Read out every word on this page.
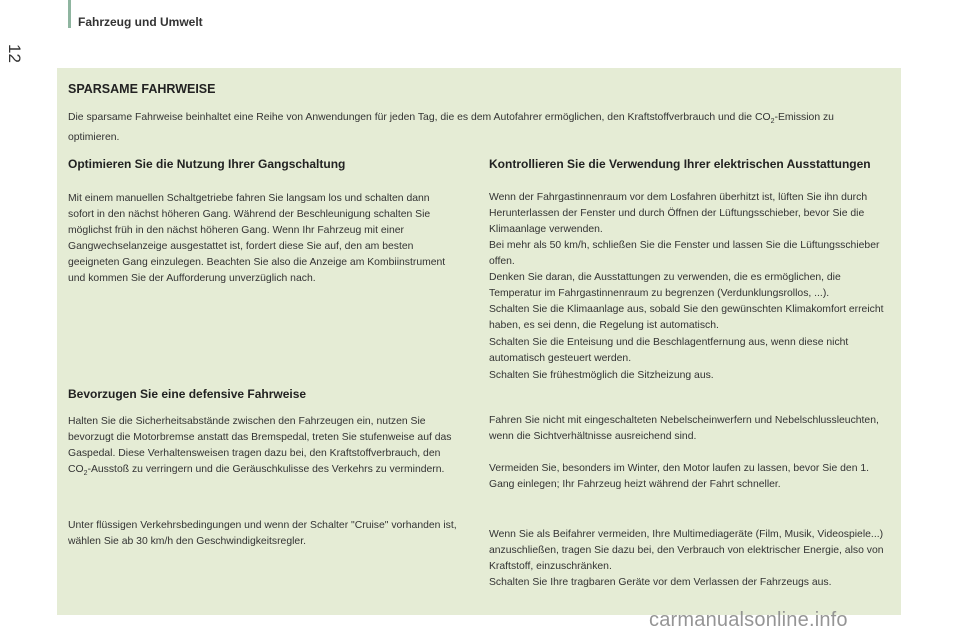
Fahrzeug und Umwelt
12
SPARSAME FAHRWEISE

Die sparsame Fahrweise beinhaltet eine Reihe von Anwendungen für jeden Tag, die es dem Autofahrer ermöglichen, den Kraftstoffverbrauch und die $CO_2$-Emission zu optimieren.

Optimieren Sie die Nutzung Ihrer Gangschaltung

Mit einem manuellen Schaltgetriebe fahren Sie langsam los und schalten dann sofort in den nächst höheren Gang. Während der Beschleunigung schalten Sie möglichst früh in den nächst höheren Gang. Wenn Ihr Fahrzeug mit einer Gangwechselanzeige ausgestattet ist, fordert diese Sie auf, den am besten geeigneten Gang einzulegen. Beachten Sie also die Anzeige am Kombiinstrument und kommen Sie der Aufforderung unverzüglich nach.

Bevorzugen Sie eine defensive Fahrweise

Halten Sie die Sicherheitsabstände zwischen den Fahrzeugen ein, nutzen Sie bevorzugt die Motorbremse anstatt das Bremspedal, treten Sie stufenweise auf das Gaspedal. Diese Verhaltensweisen tragen dazu bei, den Kraftstoffverbrauch, den $CO_2$-Ausstoß zu verringern und die Geräuschkulisse des Verkehrs zu vermindern.

Unter flüssigen Verkehrsbedingungen und wenn der Schalter "Cruise" vorhanden ist, wählen Sie ab 30 km/h den Geschwindigkeitsregler.

Kontrollieren Sie die Verwendung Ihrer elektrischen Ausstattungen

Wenn der Fahrgastinnenraum vor dem Losfahren überhitzt ist, lüften Sie ihn durch Herunterlassen der Fenster und durch Öffnen der Lüftungsschieber, bevor Sie die Klimaanlage verwenden.

Bei mehr als 50 km/h, schließen Sie die Fenster und lassen Sie die Lüftungsschieber offen.

Denken Sie daran, die Ausstattungen zu verwenden, die es ermöglichen, die Temperatur im Fahrgastinnenraum zu begrenzen (Verdunklungsrollos, ...).

Schalten Sie die Klimaanlage aus, sobald Sie den gewünschten Klimakomfort erreicht haben, es sei denn, die Regelung ist automatisch.

Schalten Sie die Enteisung und die Beschlagentfernung aus, wenn diese nicht automatisch gesteuert werden.

Schalten Sie frühestmöglich die Sitzheizung aus.

Fahren Sie nicht mit eingeschalteten Nebelscheinwerfern und Nebelschlussleuchten, wenn die Sichtverhältnisse ausreichend sind.

Vermeiden Sie, besonders im Winter, den Motor laufen zu lassen, bevor Sie den 1. Gang einlegen; Ihr Fahrzeug heizt während der Fahrt schneller.

Wenn Sie als Beifahrer vermeiden, Ihre Multimediageräte (Film, Musik, Videospiele...) anzuschließen, tragen Sie dazu bei, den Verbrauch von elektrischer Energie, also von Kraftstoff, einzuschränken.

Schalten Sie Ihre tragbaren Geräte vor dem Verlassen der Fahrzeugs aus.

carmanualsonline.info
